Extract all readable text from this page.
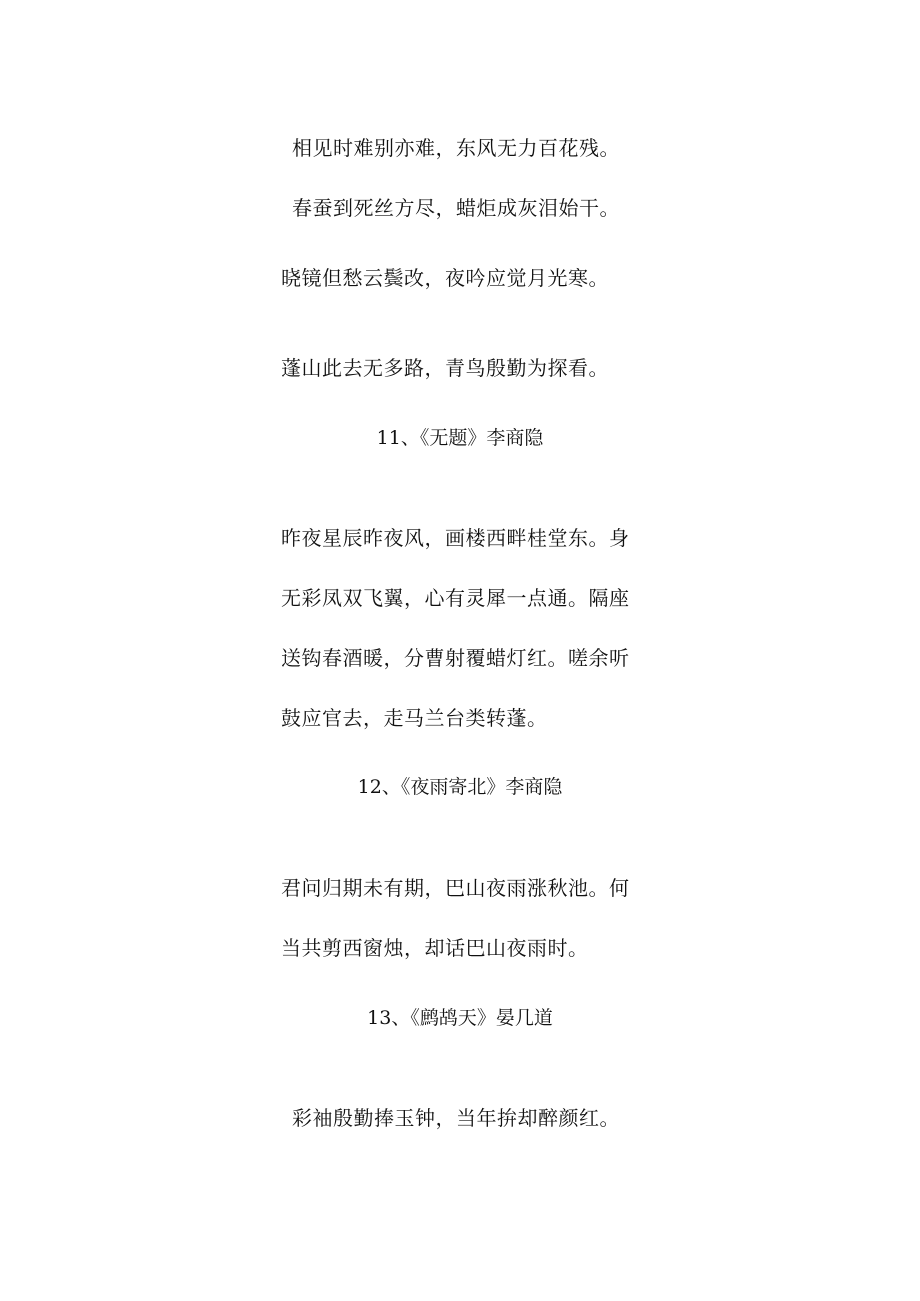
相见时难别亦难，东风无力百花残。
春蚕到死丝方尽，蜡炬成灰泪始干。
晓镜但愁云鬓改，夜吟应觉月光寒。
蓬山此去无多路，青鸟殷勤为探看。
11、《无题》李商隐
昨夜星辰昨夜风，画楼西畔桂堂东。身
无彩凤双飞翼，心有灵犀一点通。隔座
送钩春酒暖，分曹射覆蜡灯红。嗟余听
鼓应官去，走马兰台类转蓬。
12、《夜雨寄北》李商隐
君问归期未有期，巴山夜雨涨秋池。何
当共剪西窗烛，却话巴山夜雨时。
13、《鹧鸪天》晏几道
彩袖殷勤捧玉钟，当年拚却醉颜红。
